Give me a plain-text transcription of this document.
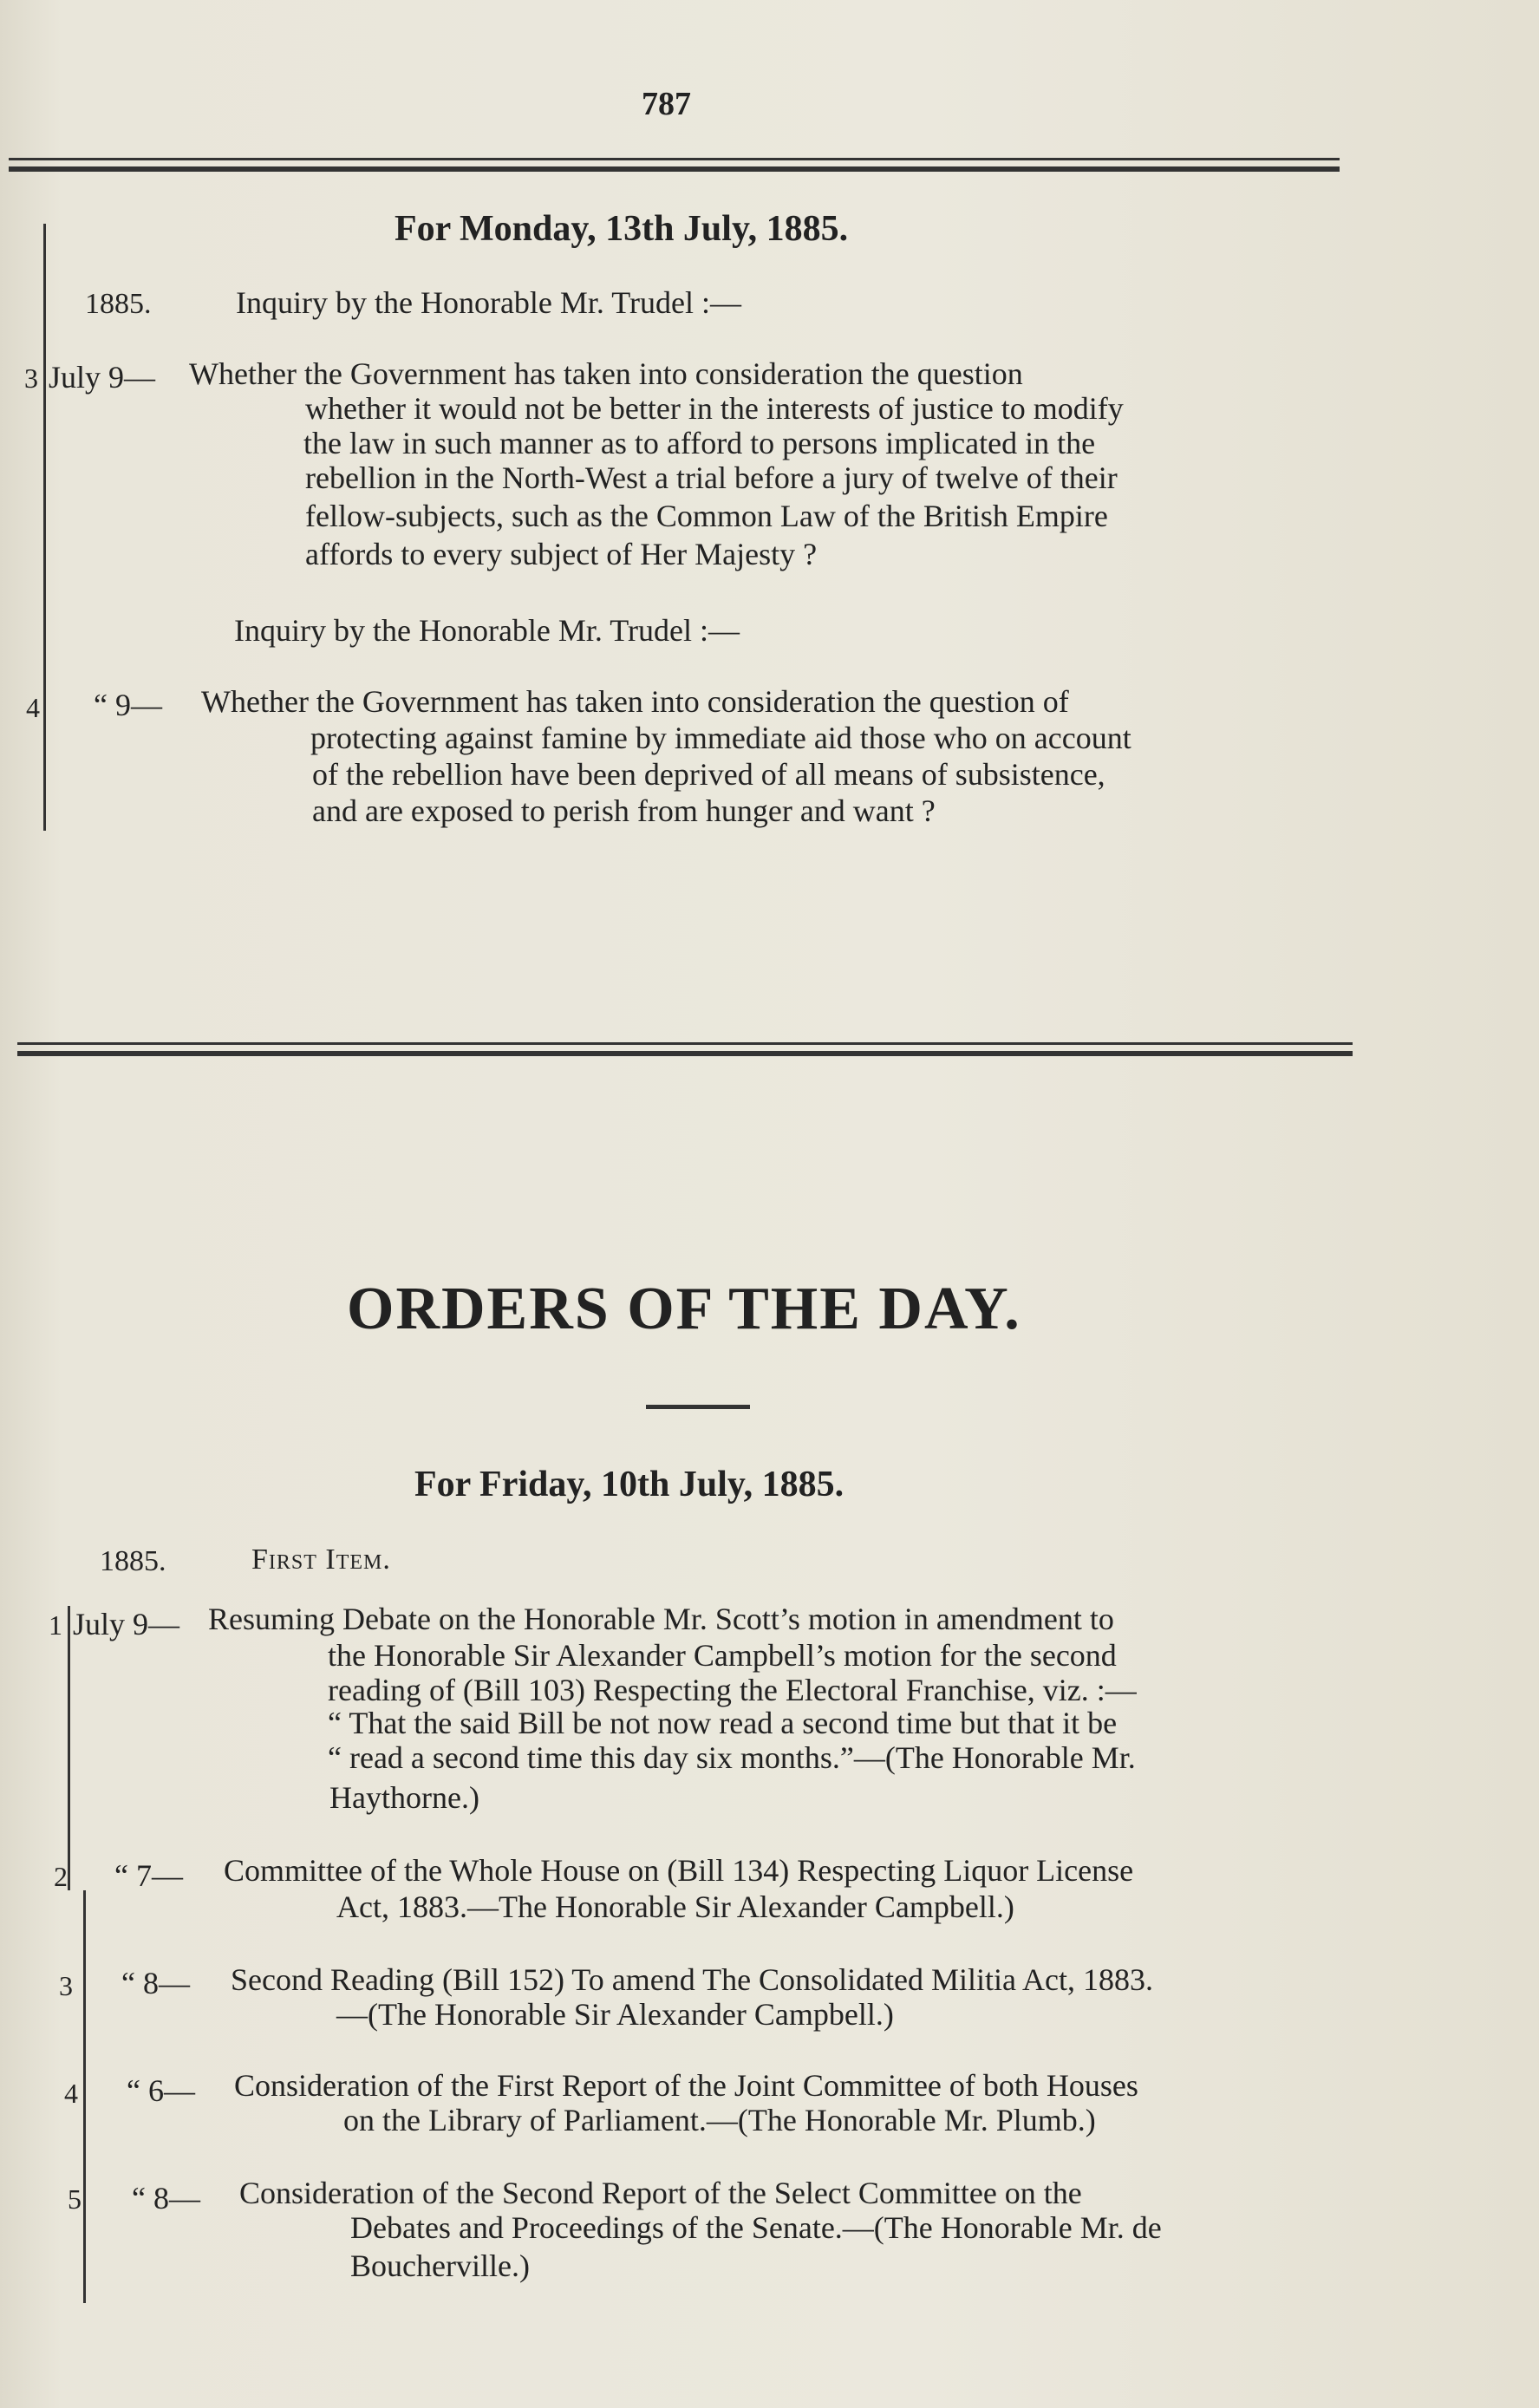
787
For Monday, 13th July, 1885.
1885.	Inquiry by the Honorable Mr. Trudel :—
3 July 9— Whether the Government has taken into consideration the question
whether it would not be better in the interests of justice to modify
the law in such manner as to afford to persons implicated in the
rebellion in the North-West a trial before a jury of twelve of their
fellow-subjects, such as the Common Law of the British Empire
affords to every subject of Her Majesty ?
Inquiry by the Honorable Mr. Trudel :—
4 “ 9— Whether the Government has taken into consideration the question of
protecting against famine by immediate aid those who on account
of the rebellion have been deprived of all means of subsistence,
and are exposed to perish from hunger and want ?
ORDERS OF THE DAY.
For Friday, 10th July, 1885.
1885.	First Item.
1 July 9— Resuming Debate on the Honorable Mr. Scott’s motion in amendment to
the Honorable Sir Alexander Campbell’s motion for the second
reading of (Bill 103) Respecting the Electoral Franchise, viz. :—
“ That the said Bill be not now read a second time but that it be
“ read a second time this day six months.”—(The Honorable Mr.
Haythorne.)
2 “ 7— Committee of the Whole House on (Bill 134) Respecting Liquor License
Act, 1883.—The Honorable Sir Alexander Campbell.)
3 “ 8— Second Reading (Bill 152) To amend The Consolidated Militia Act, 1883.
—(The Honorable Sir Alexander Campbell.)
4 “ 6— Consideration of the First Report of the Joint Committee of both Houses
on the Library of Parliament.—(The Honorable Mr. Plumb.)
5 “ 8— Consideration of the Second Report of the Select Committee on the
Debates and Proceedings of the Senate.—(The Honorable Mr. de
Boucherville.)
